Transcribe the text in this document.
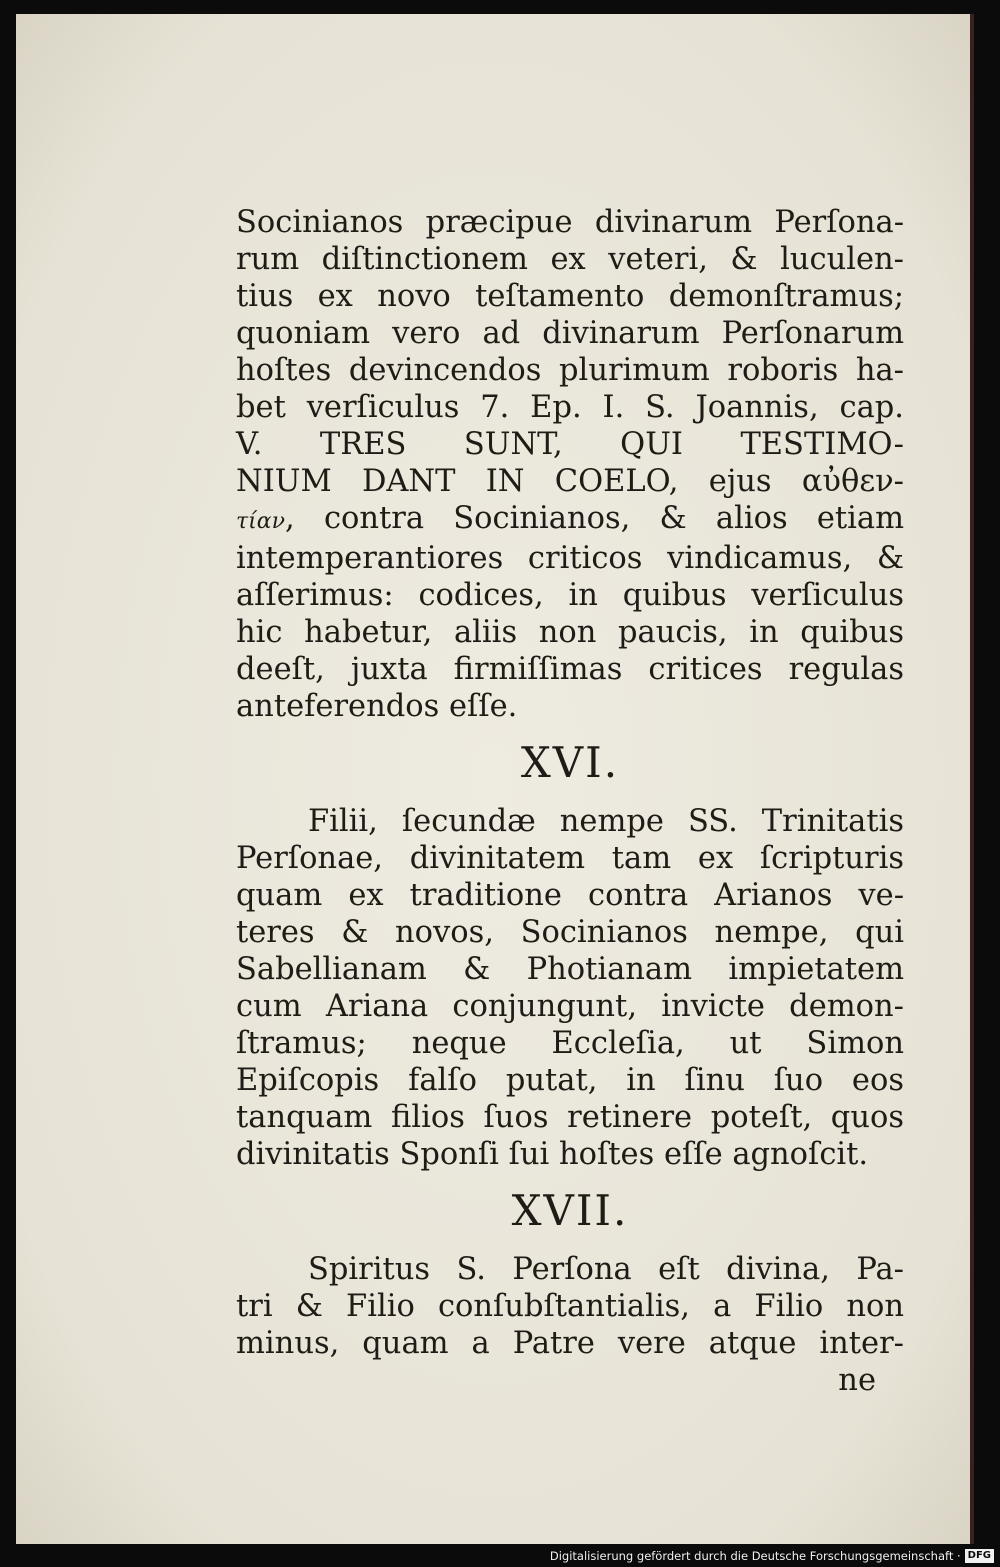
Socinianos præcipue divinarum Perſona-
rum diſtinctionem ex veteri, & luculen-
tius ex novo teſtamento demonſtramus;
quoniam vero ad divinarum Perſonarum
hoſtes devincendos plurimum roboris ha-
bet verſiculus 7. Ep. I. S. Joannis, cap.
V. TRES SUNT, QUI TESTIMO-
NIUM DANT IN COELO, ejus αὐθεν-
τίαν, contra Socinianos, & alios etiam
intemperantiores criticos vindicamus, &
aſſerimus: codices, in quibus verſiculus
hic habetur, aliis non paucis, in quibus
deeſt, juxta firmiſſimas critices regulas
anteferendos eſſe.
XVI.
Filii, ſecundæ nempe SS. Trinitatis
Perſonae, divinitatem tam ex ſcripturis
quam ex traditione contra Arianos ve-
teres & novos, Socinianos nempe, qui
Sabellianam & Photianam impietatem
cum Ariana conjungunt, invicte demon-
ſtramus; neque Eccleſia, ut Simon
Epiſcopis falſo putat, in ſinu ſuo eos
tanquam filios ſuos retinere poteſt, quos
divinitatis Sponſi ſui hoſtes eſſe agnoſcit.
XVII.
Spiritus S. Perſona eſt divina, Pa-
tri & Filio conſubſtantialis, a Filio non
minus, quam a Patre vere atque inter-
ne
Digitalisierung gefördert durch die Deutsche Forschungsgemeinschaft · DFG
